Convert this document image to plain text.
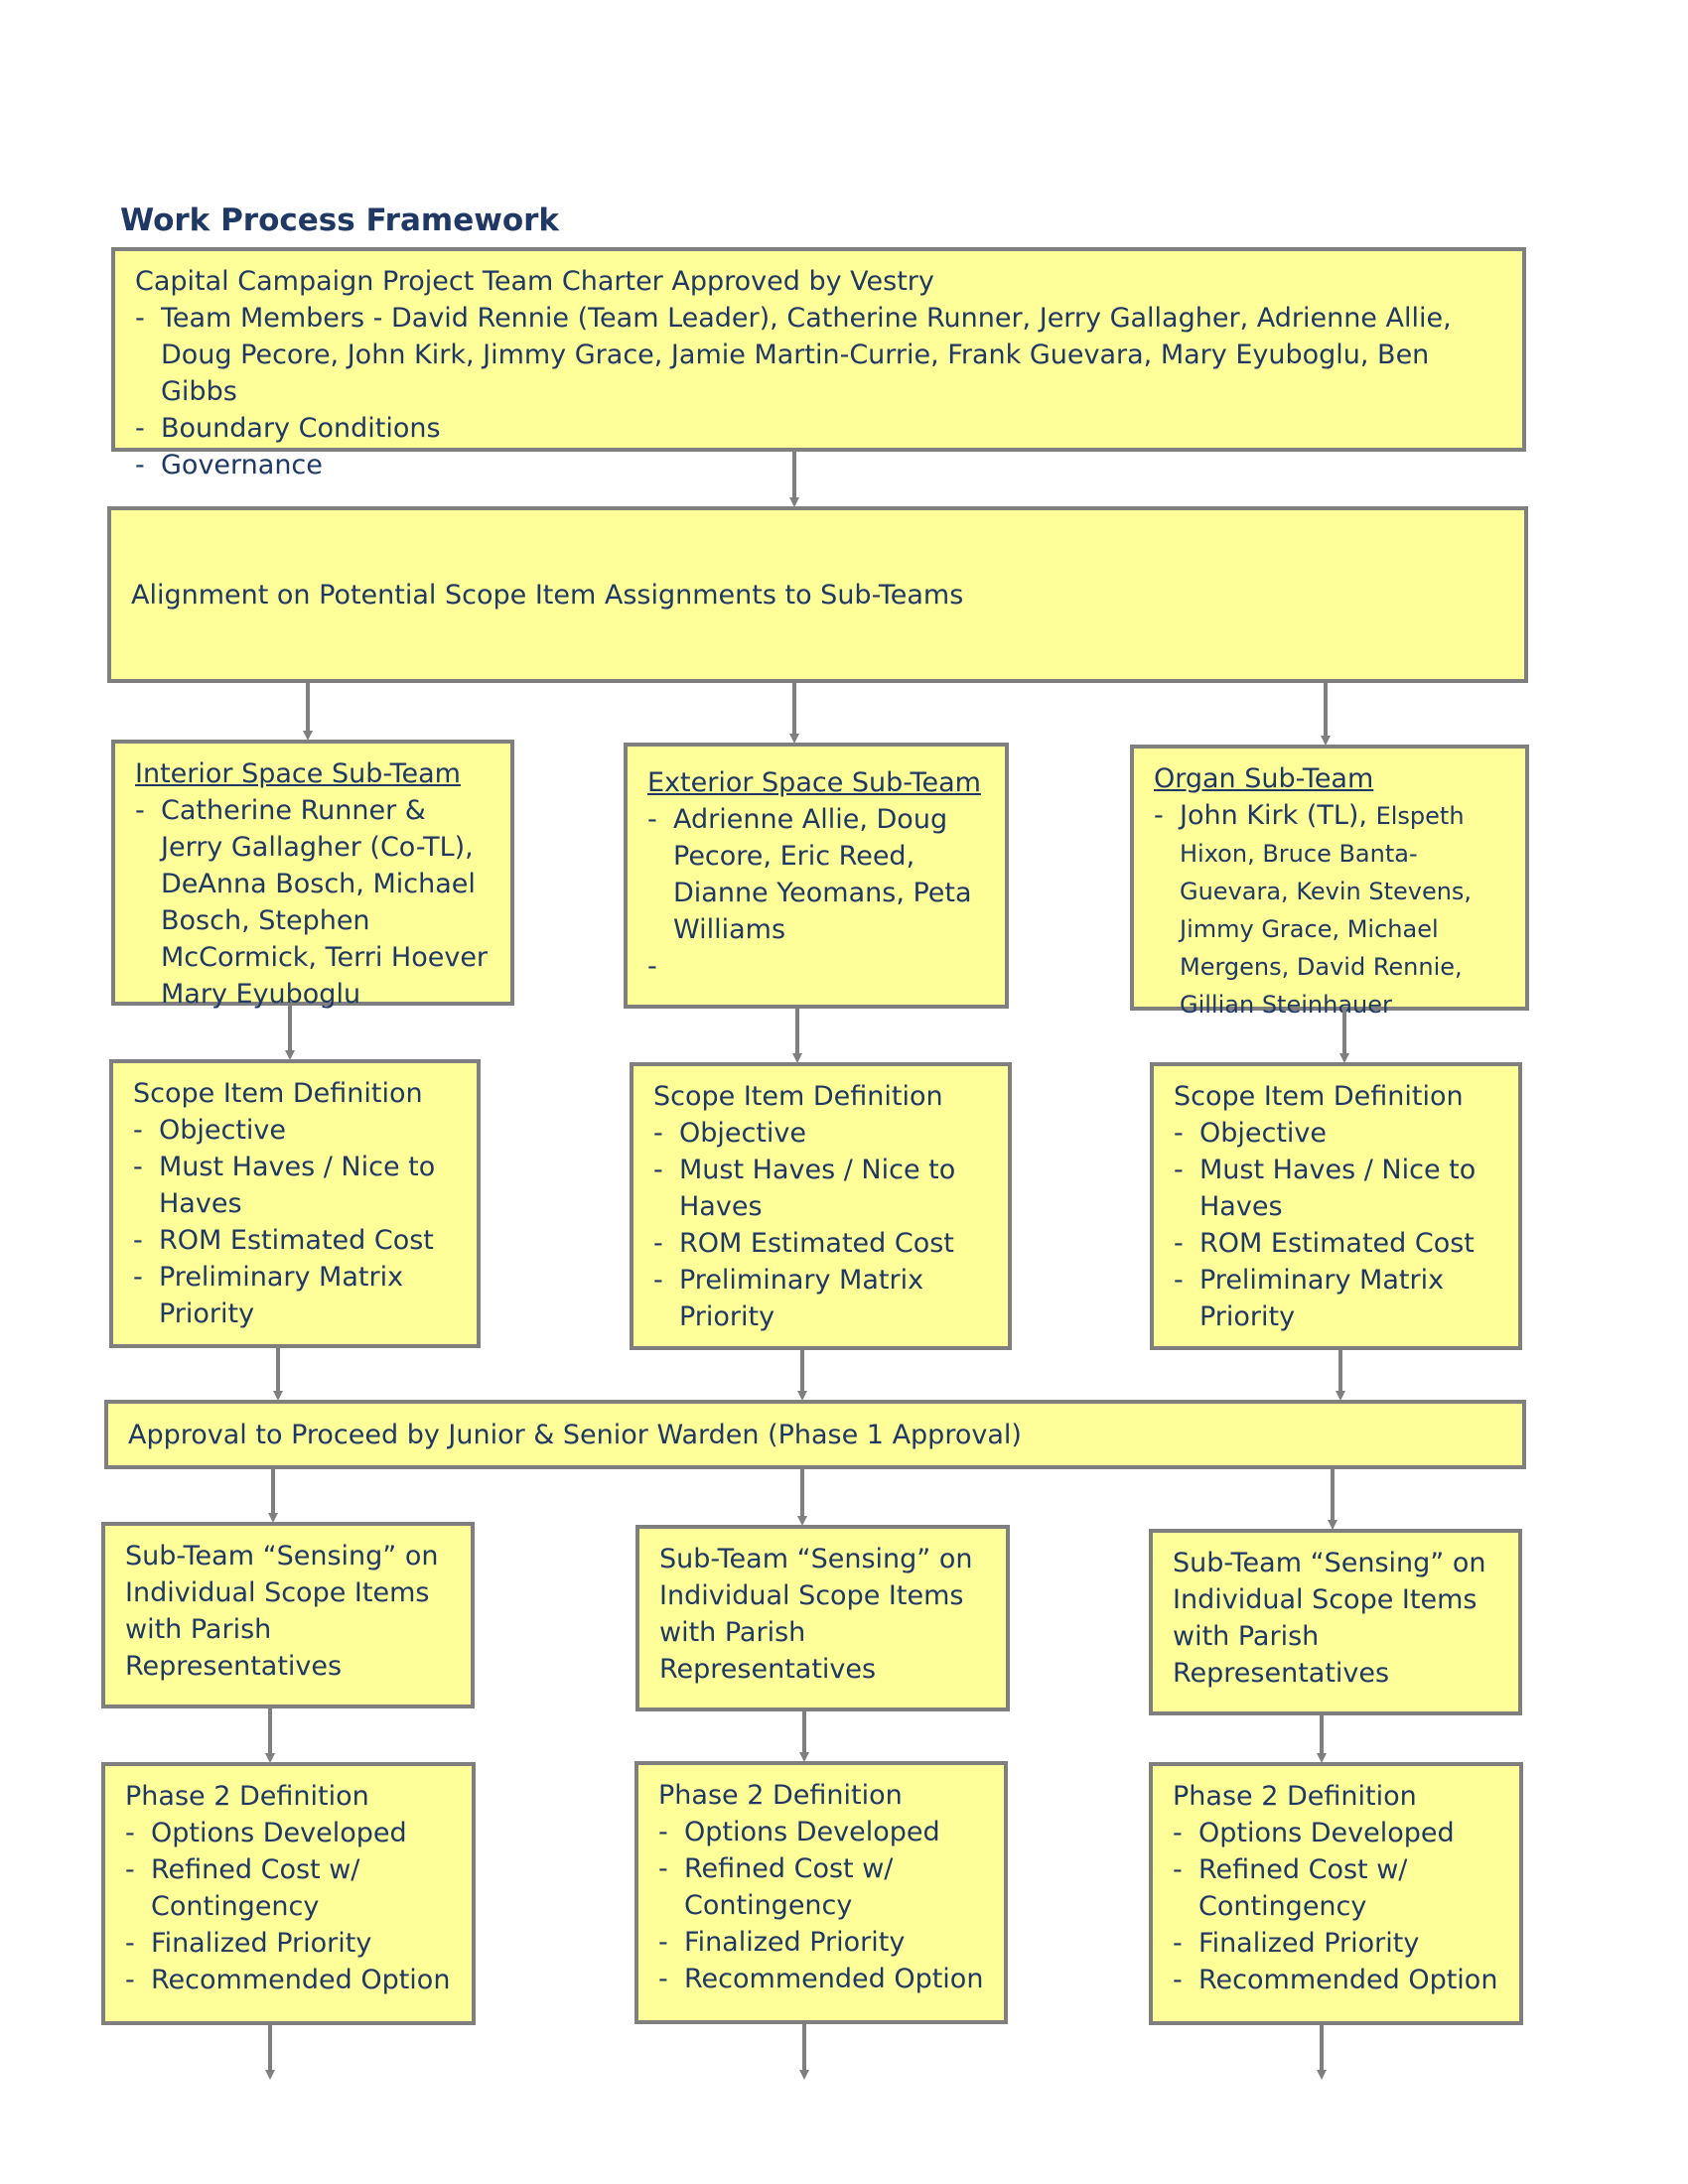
Work Process Framework
Capital Campaign Project Team Charter Approved by Vestry
- Team Members - David Rennie (Team Leader), Catherine Runner, Jerry Gallagher, Adrienne Allie, Doug Pecore, John Kirk, Jimmy Grace, Jamie Martin-Currie, Frank Guevara, Mary Eyuboglu, Ben Gibbs
- Boundary Conditions
- Governance
Alignment on Potential Scope Item Assignments to Sub-Teams
Interior Space Sub-Team
- Catherine Runner & Jerry Gallagher (Co-TL), DeAnna Bosch, Michael Bosch, Stephen McCormick, Terri Hoever Mary Eyuboglu
Exterior Space Sub-Team
- Adrienne Allie, Doug Pecore, Eric Reed, Dianne Yeomans, Peta Williams
Organ Sub-Team
- John Kirk (TL), Elspeth Hixon, Bruce Banta-Guevara, Kevin Stevens, Jimmy Grace, Michael Mergens, David Rennie, Gillian Steinhauer
Scope Item Definition
- Objective
- Must Haves / Nice to Haves
- ROM Estimated Cost
- Preliminary Matrix Priority
Scope Item Definition
- Objective
- Must Haves / Nice to Haves
- ROM Estimated Cost
- Preliminary Matrix Priority
Scope Item Definition
- Objective
- Must Haves / Nice to Haves
- ROM Estimated Cost
- Preliminary Matrix Priority
Approval to Proceed by Junior & Senior Warden (Phase 1 Approval)
Sub-Team “Sensing” on Individual Scope Items with Parish Representatives
Sub-Team “Sensing” on Individual Scope Items with Parish Representatives
Sub-Team “Sensing” on Individual Scope Items with Parish Representatives
Phase 2 Definition
- Options Developed
- Refined Cost w/ Contingency
- Finalized Priority
- Recommended Option
Phase 2 Definition
- Options Developed
- Refined Cost w/ Contingency
- Finalized Priority
- Recommended Option
Phase 2 Definition
- Options Developed
- Refined Cost w/ Contingency
- Finalized Priority
- Recommended Option
